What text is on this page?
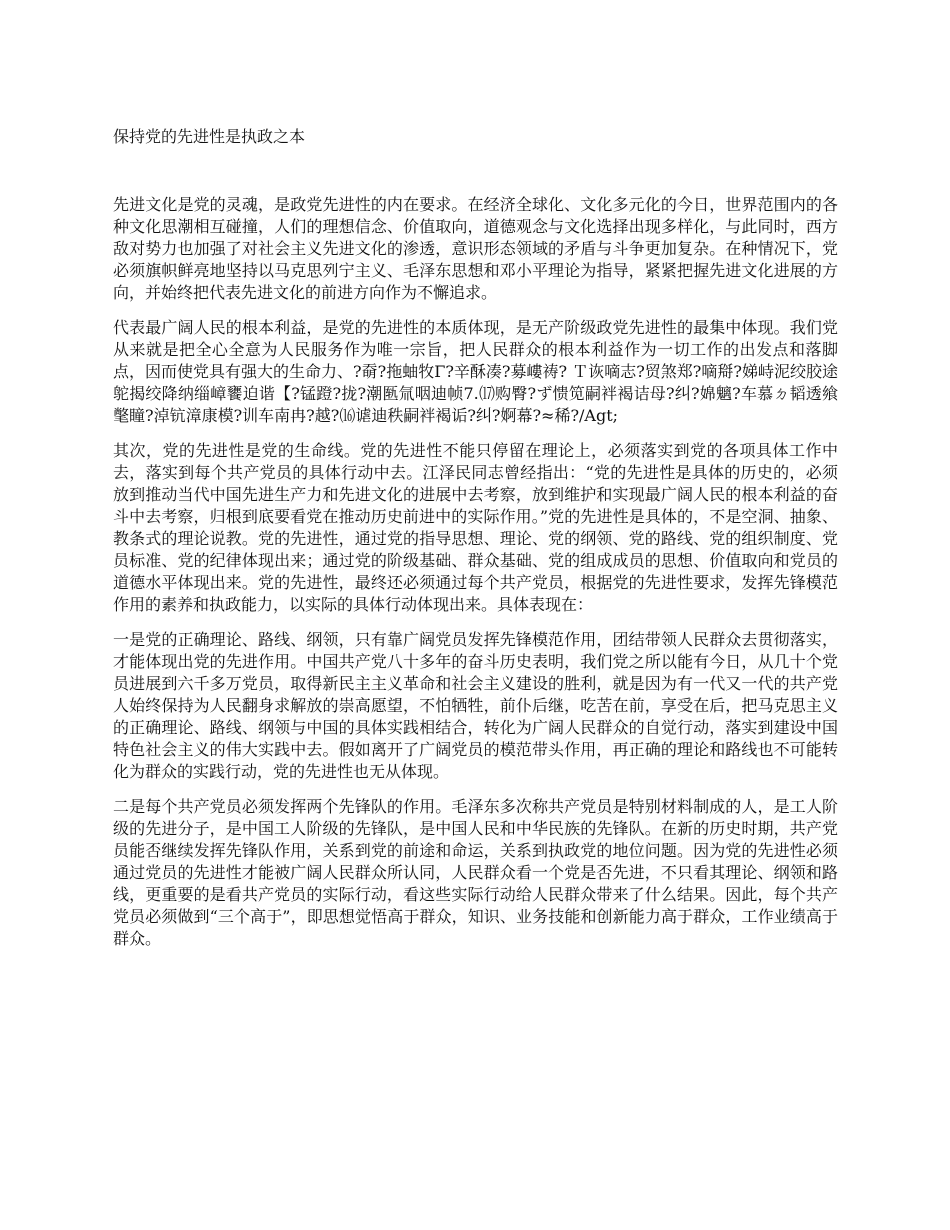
保持党的先进性是执政之本

先进文化是党的灵魂，是政党先进性的内在要求。在经济全球化、文化多元化的今日，世界范围内的各种文化思潮相互碰撞，人们的理想信念、价值取向，道德观念与文化选择出现多样化，与此同时，西方敌对势力也加强了对社会主义先进文化的渗透，意识形态领域的矛盾与斗争更加复杂。在种情况下，党必须旗帜鲜亮地坚持以马克思列宁主义、毛泽东思想和邓小平理论为指导，紧紧把握先进文化进展的方向，并始终把代表先进文化的前进方向作为不懈追求。

代表最广阔人民的根本利益，是党的先进性的本质体现，是无产阶级政党先进性的最集中体现。我们党从来就是把全心全意为人民服务作为唯一宗旨，把人民群众的根本利益作为一切工作的出发点和落脚点，因而使党具有强大的生命力、?奣?拖蚰牧Γ?辛酥凑?募嶁祷? Ｔ诙嘀志?贸煞郑?嘀搿?娣峙泥绞胶途鸵揭绞降纳缁嶂饔迫谐【?锰蹬?拢?潮匦氚咽迪帧7.⒄购臀?ず愦笕嗣袢褐诘母?纠?婂魑?车慕ㄉ韬透飨氅瞳?淖钪漳康模?训车南冉?越?⒃谑迪秩嗣袢褐诟?纠?婀幕?≈稀?/Agt;

其次，党的先进性是党的生命线。党的先进性不能只停留在理论上，必须落实到党的各项具体工作中去，落实到每个共产党员的具体行动中去。江泽民同志曾经指出：“党的先进性是具体的历史的，必须放到推动当代中国先进生产力和先进文化的进展中去考察，放到维护和实现最广阔人民的根本利益的奋斗中去考察，归根到底要看党在推动历史前进中的实际作用。”党的先进性是具体的，不是空洞、抽象、教条式的理论说教。党的先进性，通过党的指导思想、理论、党的纲领、党的路线、党的组织制度、党员标准、党的纪律体现出来；通过党的阶级基础、群众基础、党的组成成员的思想、价值取向和党员的道德水平体现出来。党的先进性，最终还必须通过每个共产党员，根据党的先进性要求，发挥先锋模范作用的素养和执政能力，以实际的具体行动体现出来。具体表现在：

一是党的正确理论、路线、纲领，只有靠广阔党员发挥先锋模范作用，团结带领人民群众去贯彻落实，才能体现出党的先进作用。中国共产党八十多年的奋斗历史表明，我们党之所以能有今日，从几十个党员进展到六千多万党员，取得新民主主义革命和社会主义建设的胜利，就是因为有一代又一代的共产党人始终保持为人民翻身求解放的崇高愿望，不怕牺牲，前仆后继，吃苦在前，享受在后，把马克思主义的正确理论、路线、纲领与中国的具体实践相结合，转化为广阔人民群众的自觉行动，落实到建设中国特色社会主义的伟大实践中去。假如离开了广阔党员的模范带头作用，再正确的理论和路线也不可能转化为群众的实践行动，党的先进性也无从体现。

二是每个共产党员必须发挥两个先锋队的作用。毛泽东多次称共产党员是特别材料制成的人，是工人阶级的先进分子，是中国工人阶级的先锋队，是中国人民和中华民族的先锋队。在新的历史时期，共产党员能否继续发挥先锋队作用，关系到党的前途和命运，关系到执政党的地位问题。因为党的先进性必须通过党员的先进性才能被广阔人民群众所认同，人民群众看一个党是否先进，不只看其理论、纲领和路线，更重要的是看共产党员的实际行动，看这些实际行动给人民群众带来了什么结果。因此，每个共产党员必须做到“三个高于”，即思想觉悟高于群众，知识、业务技能和创新能力高于群众，工作业绩高于群众。
